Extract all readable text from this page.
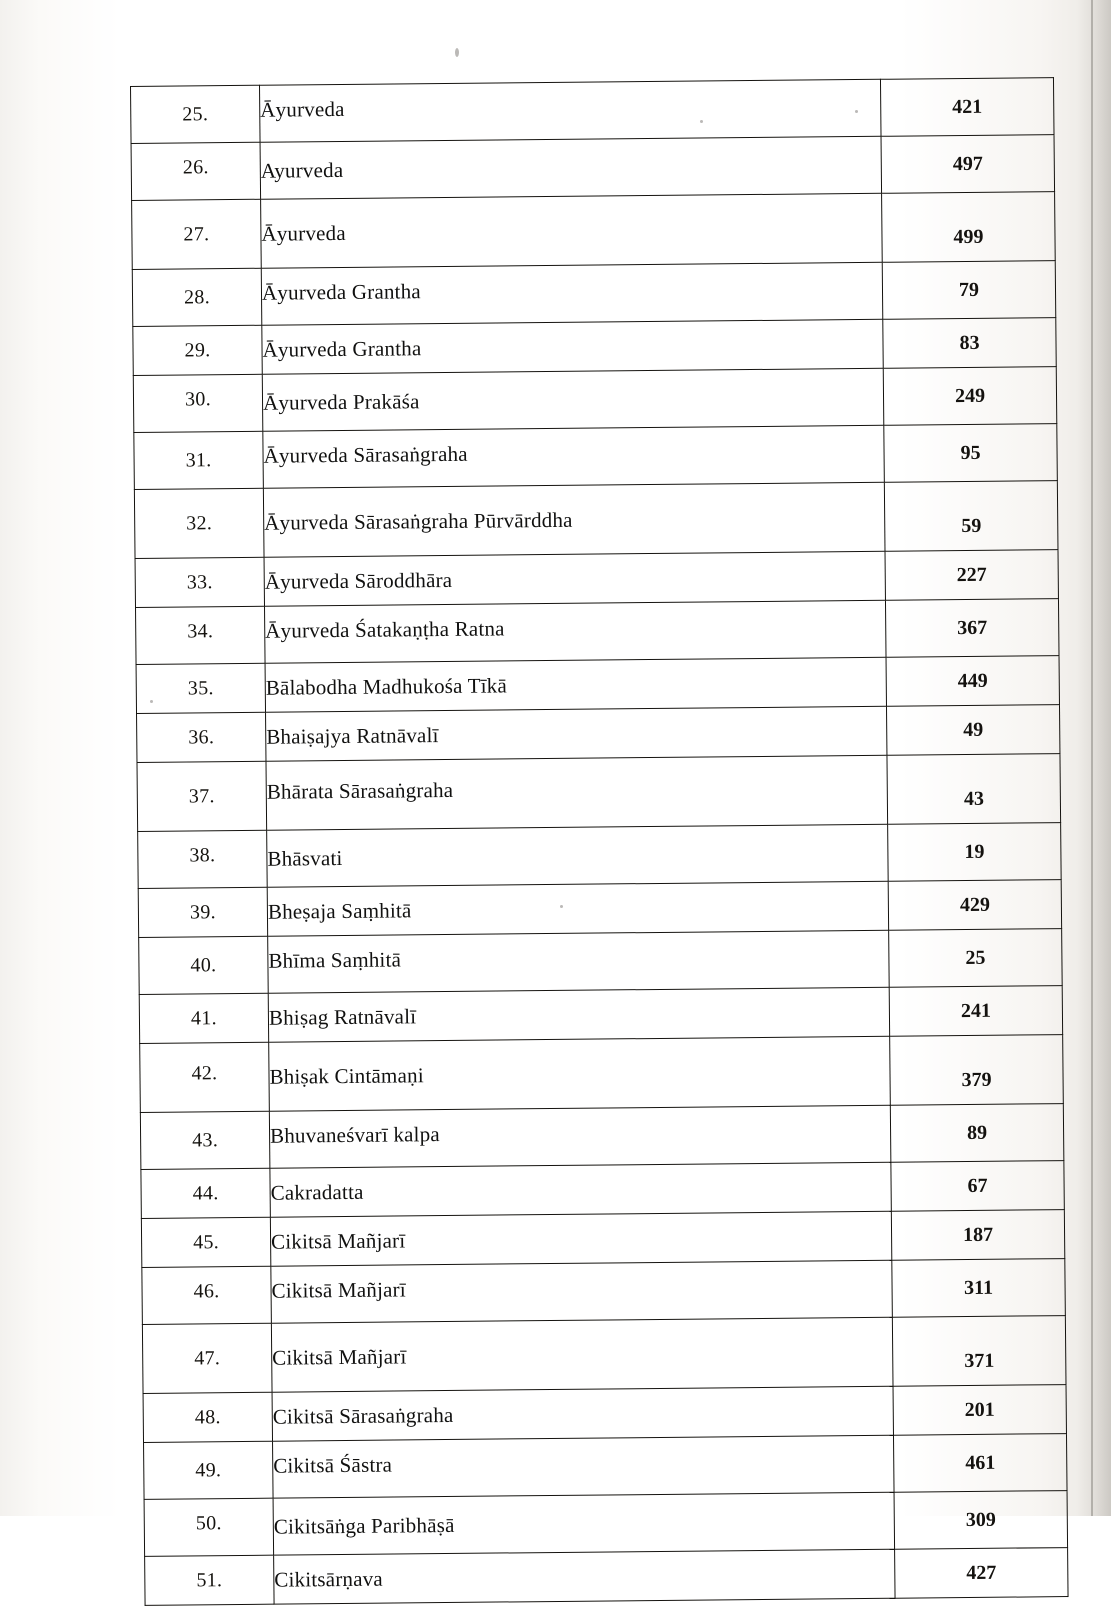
25.	Āyurveda	421
26.	Ayurveda	497
27.	Āyurveda	499
28.	Āyurveda Grantha	79
29.	Āyurveda Grantha	83
30.	Āyurveda Prakāśa	249
31.	Āyurveda Sārasaṅgraha	95
32.	Āyurveda Sārasaṅgraha Pūrvārddha	59
33.	Āyurveda Sāroddhāra	227
34.	Āyurveda Śatakaṇṭha Ratna	367
35.	Bālabodha Madhukośa Tīkā	449
36.	Bhaiṣajya Ratnāvalī	49
37.	Bhārata Sārasaṅgraha	43
38.	Bhāsvati	19
39.	Bheṣaja Saṃhitā	429
40.	Bhīma Saṃhitā	25
41.	Bhiṣag Ratnāvalī	241
42.	Bhiṣak Cintāmaṇi	379
43.	Bhuvaneśvarī kalpa	89
44.	Cakradatta	67
45.	Cikitsā Mañjarī	187
46.	Cikitsā Mañjarī	311
47.	Cikitsā Mañjarī	371
48.	Cikitsā Sārasaṅgraha	201
49.	Cikitsā Śāstra	461
50.	Cikitsāṅga Paribhāṣā	309
51.	Cikitsārṇava	427
